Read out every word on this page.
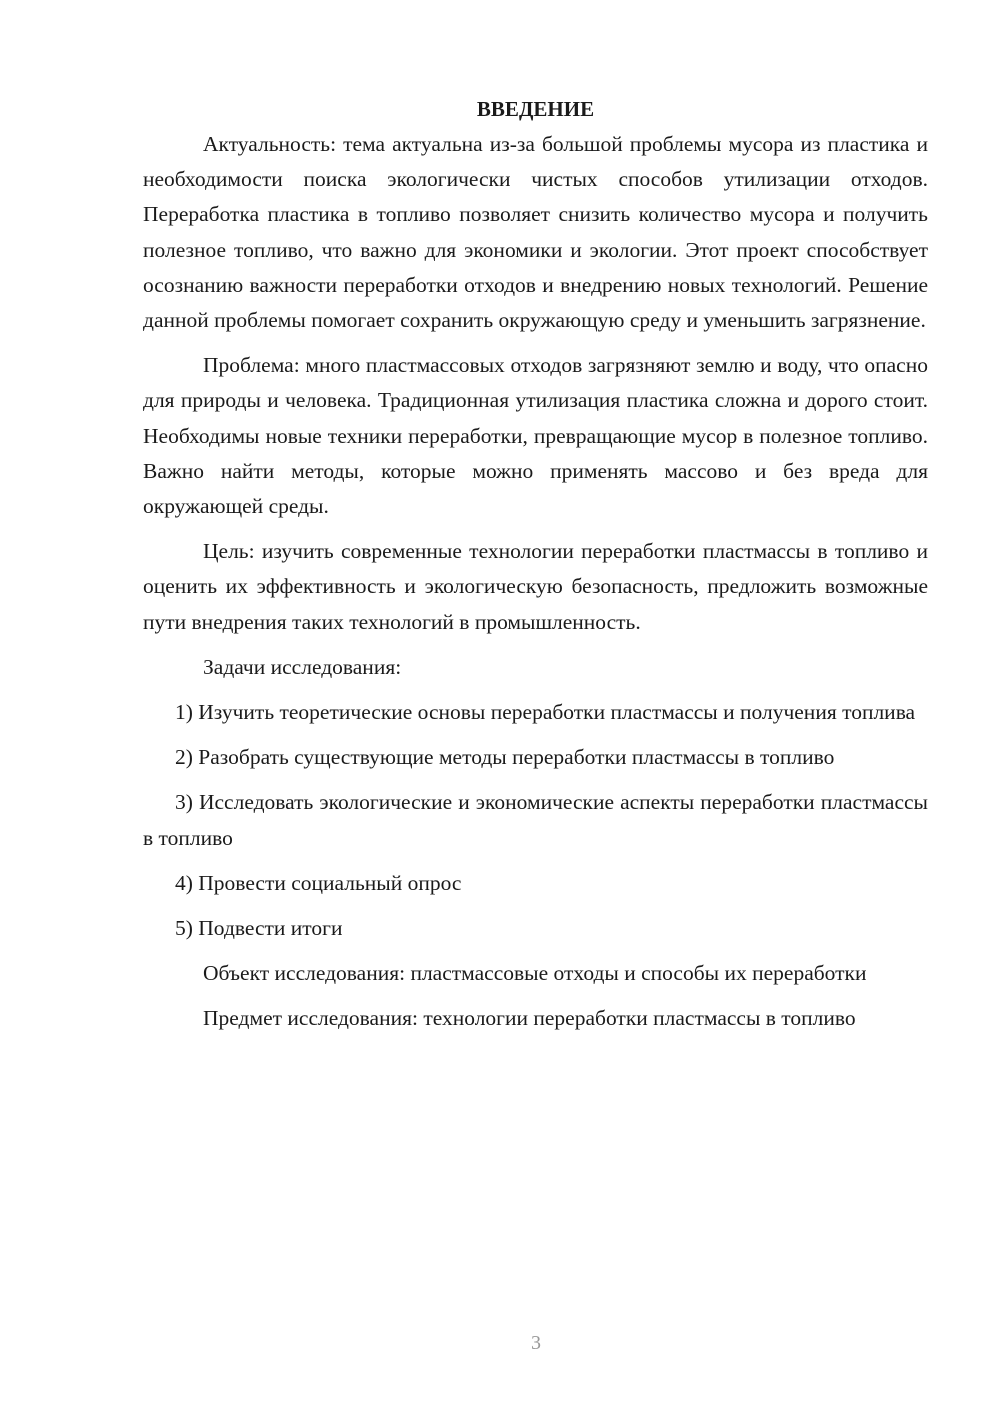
ВВЕДЕНИЕ

Актуальность: тема актуальна из-за большой проблемы мусора из пластика и необходимости поиска экологически чистых способов утилизации отходов. Переработка пластика в топливо позволяет снизить количество мусора и получить полезное топливо, что важно для экономики и экологии. Этот проект способствует осознанию важности переработки отходов и внедрению новых технологий. Решение данной проблемы помогает сохранить окружающую среду и уменьшить загрязнение.

Проблема: много пластмассовых отходов загрязняют землю и воду, что опасно для природы и человека. Традиционная утилизация пластика сложна и дорого стоит. Необходимы новые техники переработки, превращающие мусор в полезное топливо. Важно найти методы, которые можно применять массово и без вреда для окружающей среды.

Цель: изучить современные технологии переработки пластмассы в топливо и оценить их эффективность и экологическую безопасность, предложить возможные пути внедрения таких технологий в промышленность.

Задачи исследования:

1) Изучить теоретические основы переработки пластмассы и получения топлива

2) Разобрать существующие методы переработки пластмассы в топливо

3) Исследовать экологические и экономические аспекты переработки пластмассы в топливо

4) Провести социальный опрос

5) Подвести итоги

Объект исследования: пластмассовые отходы и способы их переработки

Предмет исследования: технологии переработки пластмассы в топливо

3
